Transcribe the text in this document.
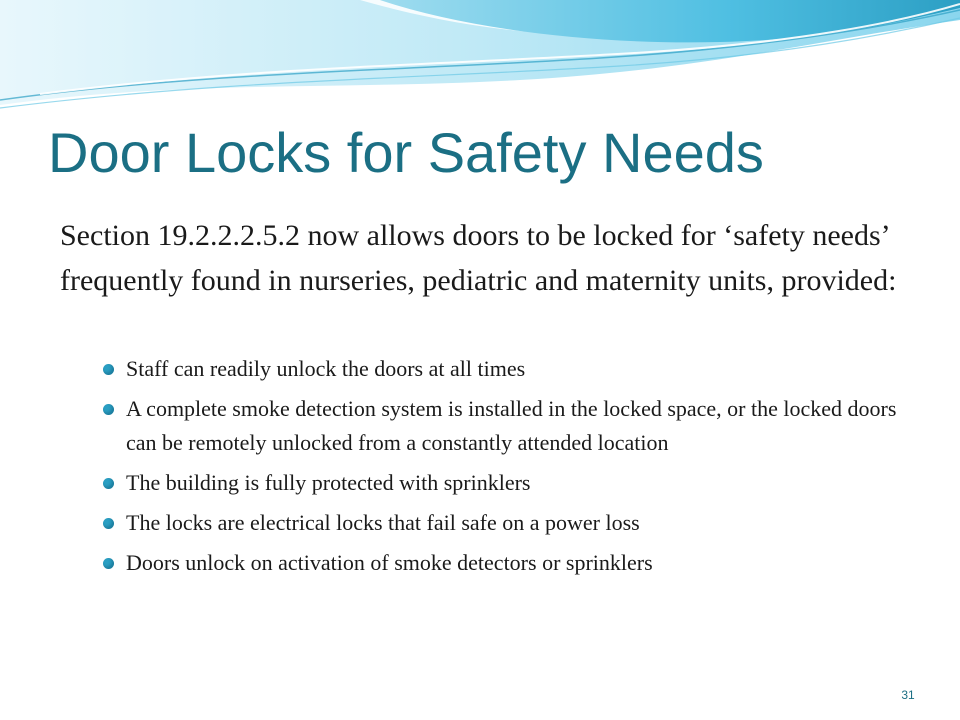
Door Locks for Safety Needs

Section 19.2.2.2.5.2 now allows doors to be locked for ‘safety needs’ frequently found in nurseries, pediatric and maternity units, provided:

Staff can readily unlock the doors at all times
A complete smoke detection system is installed in the locked space, or the locked doors can be remotely unlocked from a constantly attended location
The building is fully protected with sprinklers
The locks are electrical locks that fail safe on a power loss
Doors unlock on activation of smoke detectors or sprinklers
31
